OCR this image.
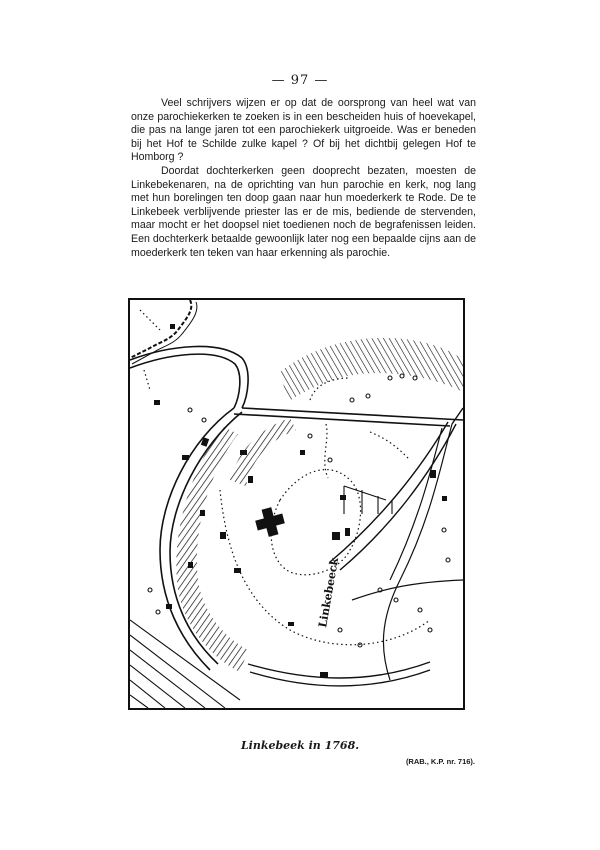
— 97 —

Veel schrijvers wijzen er op dat de oorsprong van heel wat van onze parochiekerken te zoeken is in een bescheiden huis of hoevekapel, die pas na lange jaren tot een parochiekerk uitgroeide. Was er beneden bij het Hof te Schilde zulke kapel ? Of bij het dichtbij gelegen Hof te Homborg ?

Doordat dochterkerken geen dooprecht bezaten, moesten de Linkebekenaren, na de oprichting van hun parochie en kerk, nog lang met hun borelingen ten doop gaan naar hun moederkerk te Rode. De te Linkebeek verblijvende priester las er de mis, bediende de stervenden, maar mocht er het doopsel niet toedienen noch de begrafenissen leiden. Een dochterkerk betaalde gewoonlijk later nog een bepaalde cijns aan de moederkerk ten teken van haar erkenning als parochie.

Linkebeeck
Linkebeek in 1768.
(RAB., K.P. nr. 716).
